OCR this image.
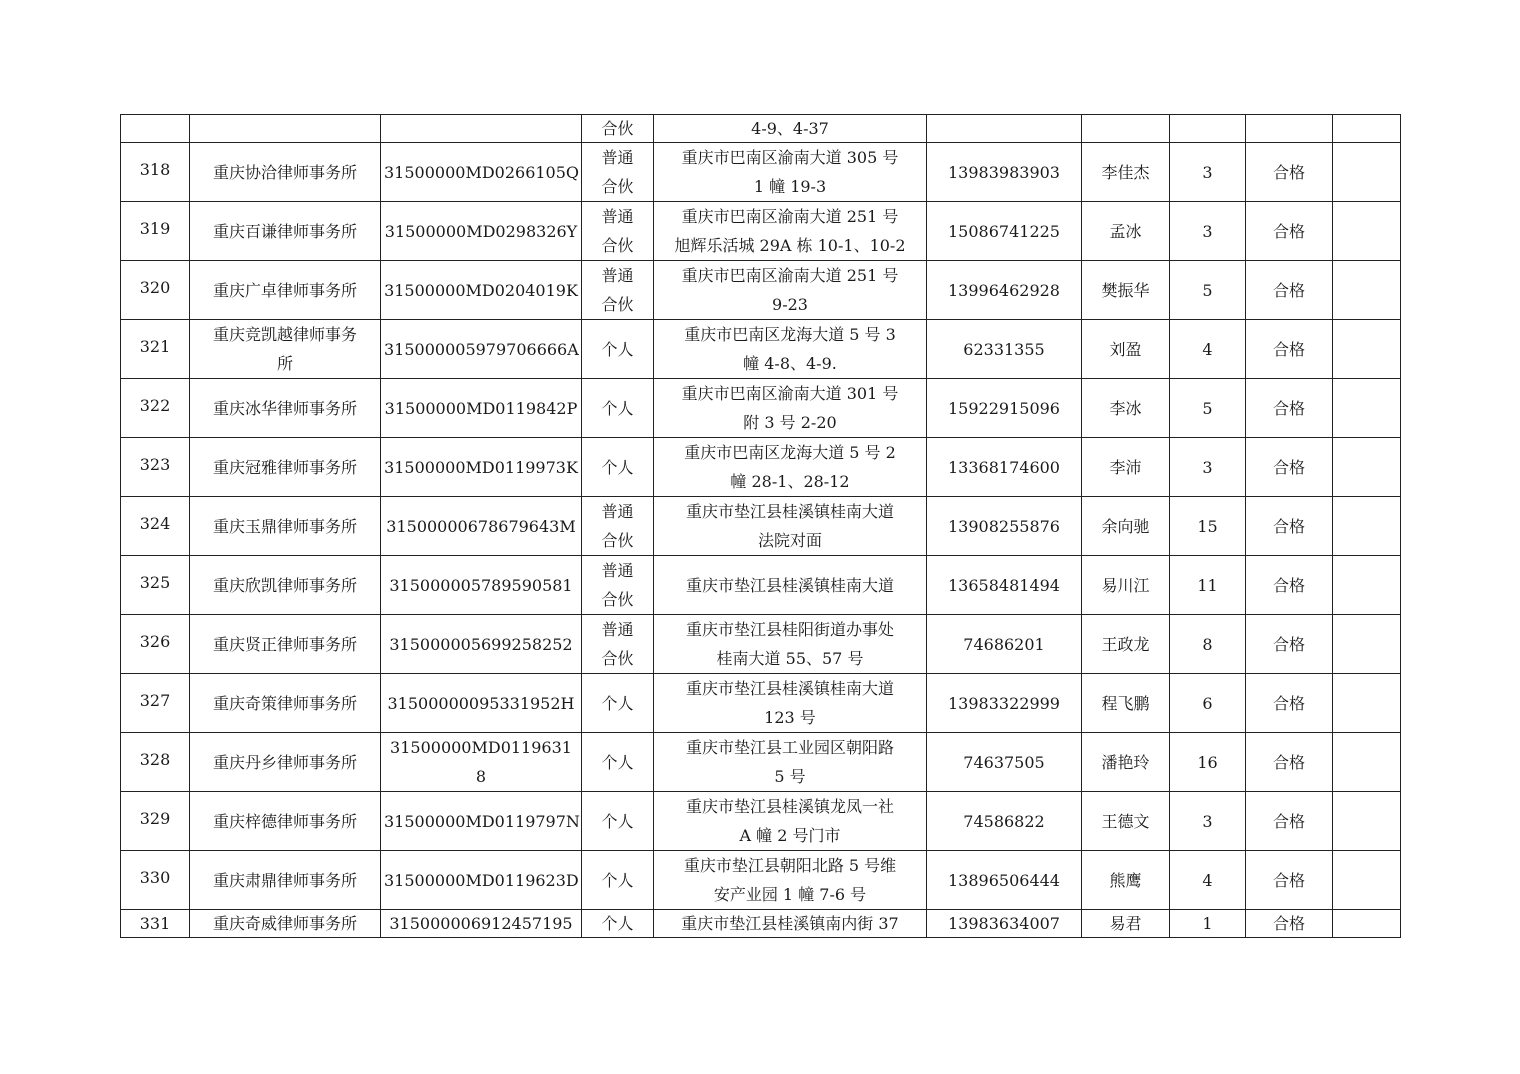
			合伙	4-9、4-37					
318	重庆协洽律师事务所	31500000MD0266105Q	普通
合伙	重庆市巴南区渝南大道 305 号
1 幢 19-3	13983983903	李佳杰	3	合格	
319	重庆百谦律师事务所	31500000MD0298326Y	普通
合伙	重庆市巴南区渝南大道 251 号
旭辉乐活城 29A 栋 10-1、10-2	15086741225	孟冰	3	合格	
320	重庆广卓律师事务所	31500000MD0204019K	普通
合伙	重庆市巴南区渝南大道 251 号
9-23	13996462928	樊振华	5	合格	
321	重庆竞凯越律师事务
所	315000005979706666A	个人	重庆市巴南区龙海大道 5 号 3
幢 4-8、4-9.	62331355	刘盈	4	合格	
322	重庆冰华律师事务所	31500000MD0119842P	个人	重庆市巴南区渝南大道 301 号
附 3 号 2-20	15922915096	李冰	5	合格	
323	重庆冠雅律师事务所	31500000MD0119973K	个人	重庆市巴南区龙海大道 5 号 2
幢 28-1、28-12	13368174600	李沛	3	合格	
324	重庆玉鼎律师事务所	31500000678679643M	普通
合伙	重庆市垫江县桂溪镇桂南大道
法院对面	13908255876	余向驰	15	合格	
325	重庆欣凯律师事务所	315000005789590581	普通
合伙	重庆市垫江县桂溪镇桂南大道	13658481494	易川江	11	合格	
326	重庆贤正律师事务所	315000005699258252	普通
合伙	重庆市垫江县桂阳街道办事处
桂南大道 55、57 号	74686201	王政龙	8	合格	
327	重庆奇策律师事务所	31500000095331952H	个人	重庆市垫江县桂溪镇桂南大道
123 号	13983322999	程飞鹏	6	合格	
328	重庆丹乡律师事务所	31500000MD0119631
8	个人	重庆市垫江县工业园区朝阳路
5 号	74637505	潘艳玲	16	合格	
329	重庆梓德律师事务所	31500000MD0119797N	个人	重庆市垫江县桂溪镇龙凤一社
A 幢 2 号门市	74586822	王德文	3	合格	
330	重庆肃鼎律师事务所	31500000MD0119623D	个人	重庆市垫江县朝阳北路 5 号维
安产业园 1 幢 7-6 号	13896506444	熊鹰	4	合格	
331	重庆奇威律师事务所	315000006912457195	个人	重庆市垫江县桂溪镇南内街 37	13983634007	易君	1	合格	
